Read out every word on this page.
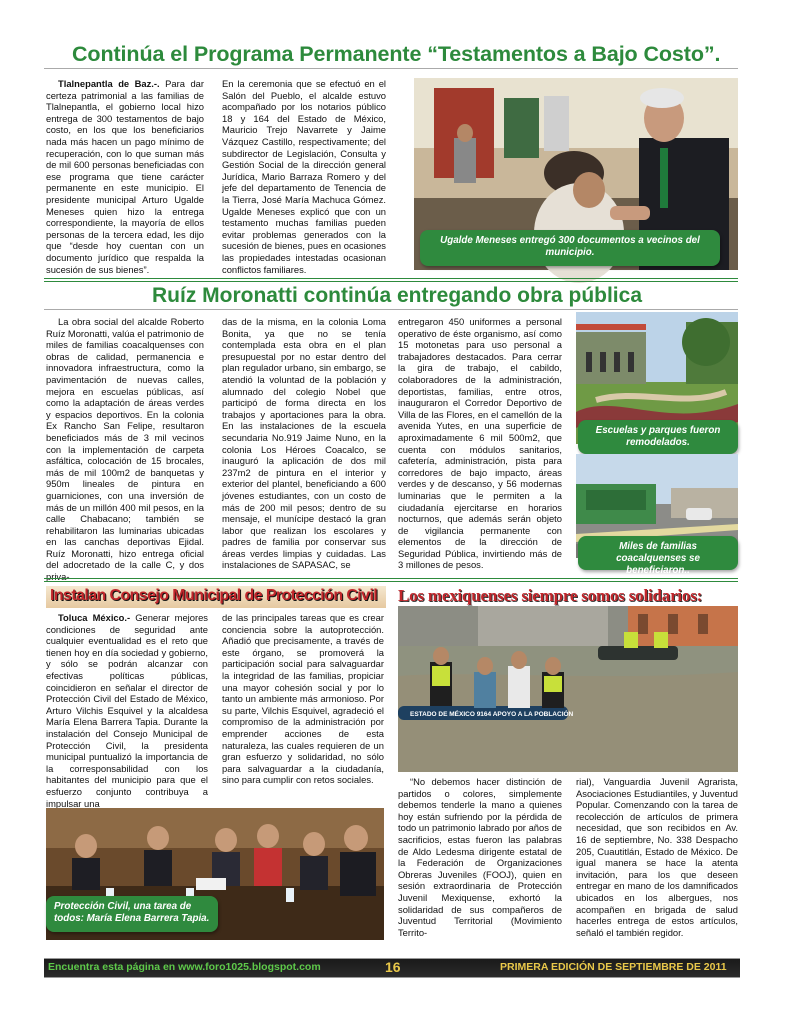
Continúa el Programa Permanente “Testamentos a Bajo Costo”.

Tlalnepantla de Baz.-. Para dar certeza patrimonial a las familias de Tlalnepantla, el gobierno local hizo entrega de 300 testamentos de bajo costo, en los que los beneficiarios nada más hacen un pago mínimo de recuperación, con lo que suman más de mil 600 personas beneficiadas con ese programa que tiene carácter permanente en este municipio. El presidente municipal Arturo Ugalde Meneses quien hizo la entrega correspondiente, la mayoría de ellos personas de la tercera edad, les dijo que “desde hoy cuentan con un documento jurídico que respalda la sucesión de sus bienes”.

En la ceremonia que se efectuó en el Salón del Pueblo, el alcalde estuvo acompañado por los notarios público 18 y 164 del Estado de México, Mauricio Trejo Navarrete y Jaime Vázquez Castillo, respectivamente; del subdirector de Legislación, Consulta y Gestión Social de la dirección general Jurídica, Mario Barraza Romero y del jefe del departamento de Tenencia de la Tierra, José María Machuca Gómez. Ugalde Meneses explicó que con un testamento muchas familias pueden evitar problemas generados con la sucesión de bienes, pues en ocasiones las propiedades intestadas ocasionan conflictos familiares.

Ugalde Meneses entregó 300 documentos a vecinos del municipio.
Ruíz Moronatti continúa entregando obra pública

La obra social del alcalde Roberto Ruíz Moronatti, valúa el patrimonio de miles de familias coacalquenses con obras de calidad, permanencia e innovadora infraestructura, como la pavimentación de nuevas calles, mejora en escuelas públicas, así como la adaptación de áreas verdes y espacios deportivos. En la colonia Ex Rancho San Felipe, resultaron beneficiados más de 3 mil vecinos con la implementación de carpeta asfáltica, colocación de 15 brocales, más de mil 100m2 de banquetas y 950m lineales de pintura en guarniciones, con una inversión de más de un millón 400 mil pesos, en la calle Chabacano; también se rehabilitaron las luminarias ubicadas en las canchas deportivas Ejidal. Ruíz Moronatti, hizo entrega oficial del adocretado de la calle C, y dos priva-

das de la misma, en la colonia Loma Bonita, ya que no se tenía contemplada esta obra en el plan presupuestal por no estar dentro del plan regulador urbano, sin embargo, se atendió la voluntad de la población y alumnado del colegio Nobel que participó de forma directa en los trabajos y aportaciones para la obra. En las instalaciones de la escuela secundaria No.919 Jaime Nuno, en la colonia Los Héroes Coacalco, se inauguró la aplicación de dos mil 237m2 de pintura en el interior y exterior del plantel, beneficiando a 600 jóvenes estudiantes, con un costo de más de 200 mil pesos; dentro de su mensaje, el munícipe destacó la gran labor que realizan los escolares y padres de familia por conservar sus áreas verdes limpias y cuidadas. Las instalaciones de SAPASAC, se

entregaron 450 uniformes a personal operativo de éste organismo, así como 15 motonetas para uso personal a trabajadores destacados. Para cerrar la gira de trabajo, el cabildo, colaboradores de la administración, deportistas, familias, entre otros, inauguraron el Corredor Deportivo de Villa de las Flores, en el camellón de la avenida Yutes, en una superficie de aproximadamente 6 mil 500m2, que cuenta con módulos sanitarios, cafetería, administración, pista para corredores de bajo impacto, áreas verdes y de descanso, y 56 modernas luminarias que le permiten a la ciudadanía ejercitarse en horarios nocturnos, que además serán objeto de vigilancia permanente con elementos de la dirección de Seguridad Pública, invirtiendo más de 3 millones de pesos.

Escuelas y parques fueron remodelados.
Miles de familias coacalquenses se beneficiaron..
Instalan Consejo Municipal de Protección Civil

Toluca México.- Generar mejores condiciones de seguridad ante cualquier eventualidad es el reto que tienen hoy en día sociedad y gobierno, y sólo se podrán alcanzar con efectivas políticas públicas, coincidieron en señalar el director de Protección Civil del Estado de México, Arturo Vilchis Esquivel y la alcaldesa María Elena Barrera Tapia. Durante la instalación del Consejo Municipal de Protección Civil, la presidenta municipal puntualizó la importancia de la corresponsabilidad con los habitantes del municipio para que el esfuerzo conjunto contribuya a impulsar una

de las principales tareas que es crear conciencia sobre la autoprotección. Añadió que precisamente, a través de este órgano, se promoverá la participación social para salvaguardar la integridad de las familias, propiciar una mayor cohesión social y por lo tanto un ambiente más armonioso. Por su parte, Vilchis Esquivel, agradeció el compromiso de la administración por emprender acciones de esta naturaleza, las cuales requieren de un gran esfuerzo y solidaridad, no sólo para salvaguardar a la ciudadanía, sino para cumplir con retos sociales.

Protección Civil, una tarea de todos: María Elena Barrera Tapia.
Los mexiquenses siempre somos solidarios:
ESTADO DE MÉXICO 9164 APOYO A LA POBLACIÓN

“No debemos hacer distinción de partidos o colores, simplemente debemos tenderle la mano a quienes hoy están sufriendo por la pérdida de todo un patrimonio labrado por años de sacrificios, estas fueron las palabras de Aldo Ledesma dirigente estatal de la Federación de Organizaciones Obreras Juveniles (FOOJ), quien en sesión extraordinaria de Protección Juvenil Mexiquense, exhortó la solidaridad de sus compañeros de Juventud Territorial (Movimiento Territo-

rial), Vanguardia Juvenil Agrarista, Asociaciones Estudiantiles, y Juventud Popular. Comenzando con la tarea de recolección de artículos de primera necesidad, que son recibidos en Av. 16 de septiembre, No. 338 Despacho 205, Cuautitlán, Estado de México. De igual manera se hace la atenta invitación, para los que deseen entregar en mano de los damnificados ubicados en los albergues, nos acompañen en brigada de salud hacerles entrega de estos artículos, señaló el también regidor.

Encuentra esta página en www.foro1025.blogspot.com	16	PRIMERA EDICIÓN DE SEPTIEMBRE DE 2011
